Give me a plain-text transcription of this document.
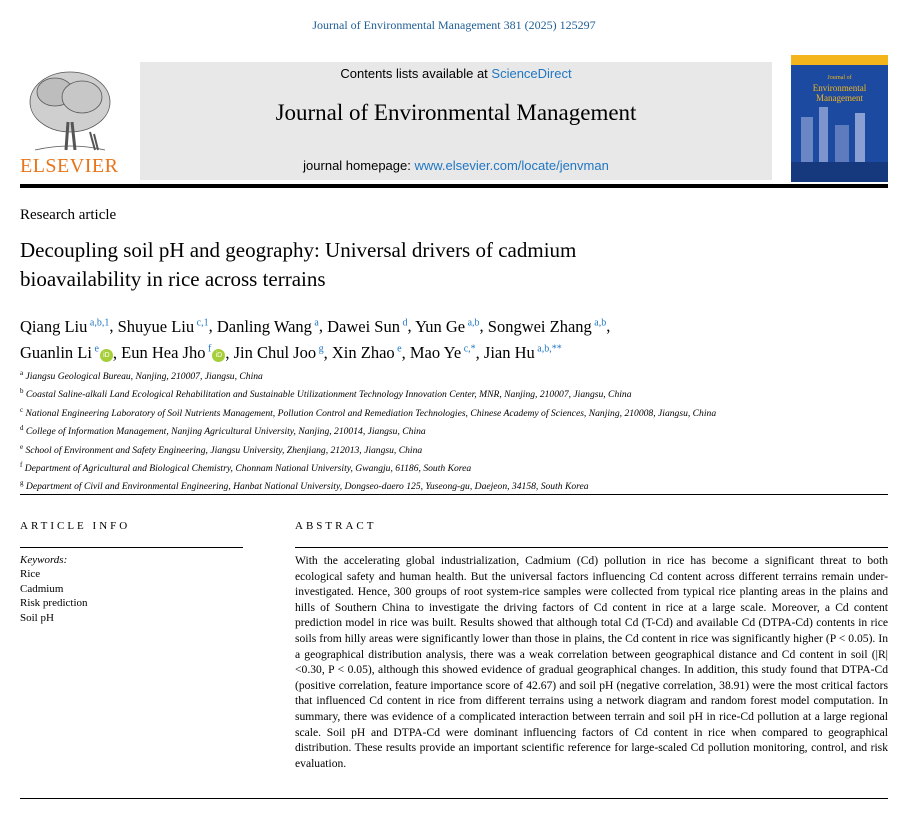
Journal of Environmental Management 381 (2025) 125297
ELSEVIER
Contents lists available at ScienceDirect
Journal of Environmental Management
journal homepage: www.elsevier.com/locate/jenvman
Journal of
Environmental
Management
Research article
Decoupling soil pH and geography: Universal drivers of cadmium
bioavailability in rice across terrains
Qiang Liu $^{a,b,1}$, Shuyue Liu $^{c,1}$, Danling Wang $^a$, Dawei Sun $^d$, Yun Ge $^{a,b}$, Songwei Zhang $^{a,b}$,
Guanlin Li $^e$iD , Eun Hea Jho $^f$iD , Jin Chul Joo $^g$, Xin Zhao $^e$, Mao Ye $^{c,*}$, Jian Hu $^{a,b,**}$
$^a$ Jiangsu Geological Bureau, Nanjing, 210007, Jiangsu, China
$^b$ Coastal Saline-alkali Land Ecological Rehabilitation and Sustainable Utilizationment Technology Innovation Center, MNR, Nanjing, 210007, Jiangsu, China
$^c$ National Engineering Laboratory of Soil Nutrients Management, Pollution Control and Remediation Technologies, Chinese Academy of Sciences, Nanjing, 210008, Jiangsu, China
$^d$ College of Information Management, Nanjing Agricultural University, Nanjing, 210014, Jiangsu, China
$^e$ School of Environment and Safety Engineering, Jiangsu University, Zhenjiang, 212013, Jiangsu, China
$^f$ Department of Agricultural and Biological Chemistry, Chonnam National University, Gwangju, 61186, South Korea
$^g$ Department of Civil and Environmental Engineering, Hanbat National University, Dongseo-daero 125, Yuseong-gu, Daejeon, 34158, South Korea
ARTICLE INFO	ABSTRACT
Keywords:
Rice
Cadmium
Risk prediction
Soil pH
With the accelerating global industrialization, Cadmium (Cd) pollution in rice has become a significant threat to both ecological safety and human health. But the universal factors influencing Cd content across different terrains remain under-investigated. Hence, 300 groups of root system-rice samples were collected from typical rice planting areas in the plains and hills of Southern China to investigate the driving factors of Cd content in rice at a large scale. Moreover, a Cd content prediction model in rice was built. Results showed that although total Cd (T-Cd) and available Cd (DTPA-Cd) contents in rice soils from hilly areas were significantly lower than those in plains, the Cd content in rice was significantly higher (P < 0.05). In a geographical distribution analysis, there was a weak correlation between geographical distance and Cd content in soil (|R|<0.30, P < 0.05), although this showed evidence of gradual geographical changes. In addition, this study found that DTPA-Cd (positive correlation, feature importance score of 42.67) and soil pH (negative correlation, 38.91) were the most critical factors that influenced Cd content in rice from different terrains using a network diagram and random forest model computation. In summary, there was evidence of a complicated interaction between terrain and soil pH in rice-Cd pollution at a large regional scale. Soil pH and DTPA-Cd were dominant influencing factors of Cd content in rice when compared to geographical distribution. These results provide an important scientific reference for large-scaled Cd pollution monitoring, control, and risk evaluation.
